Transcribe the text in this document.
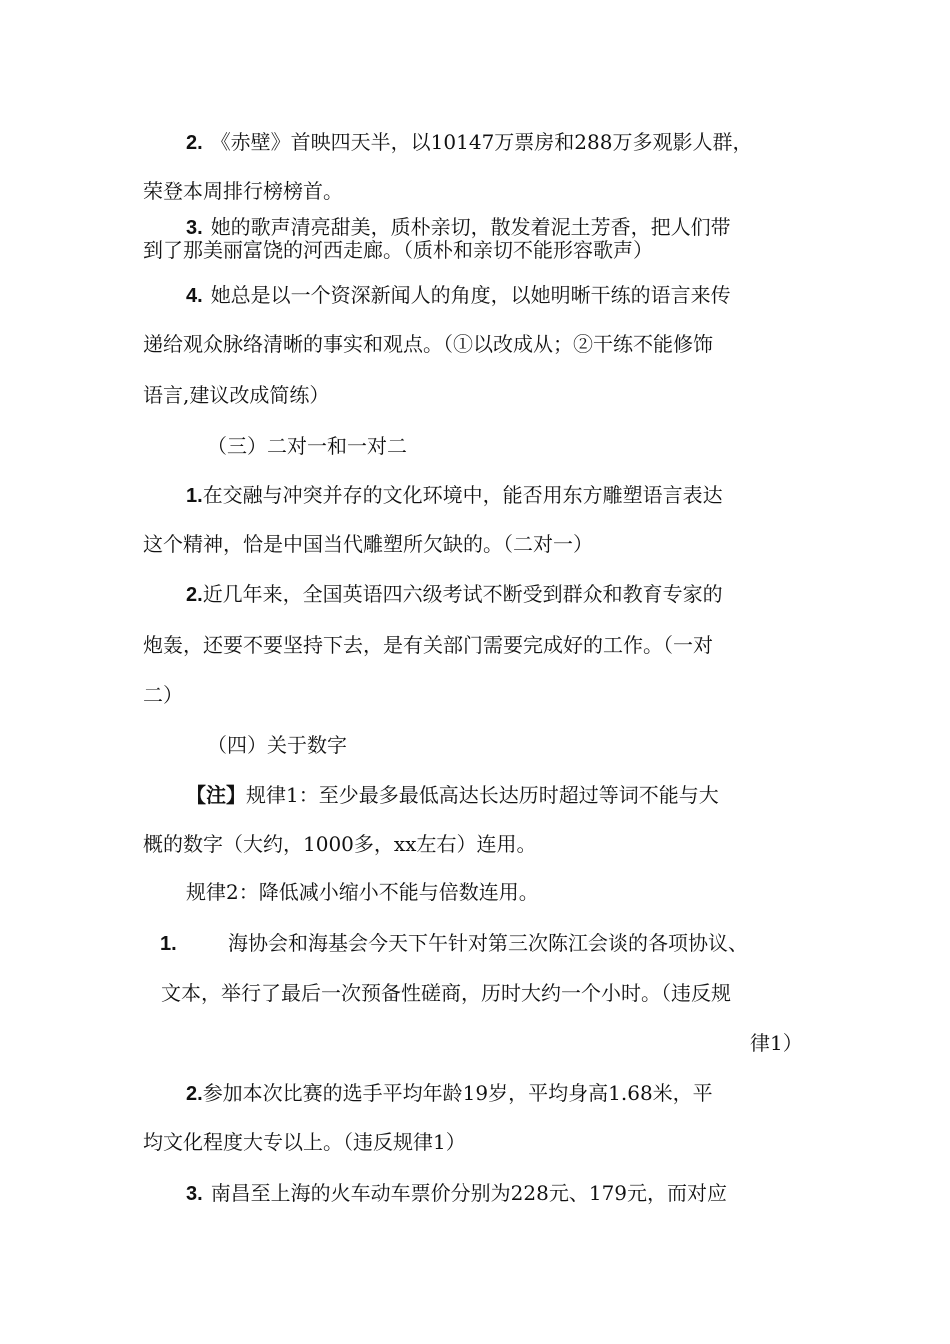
2. 《赤壁》首映四天半，以10147万票房和288万多观影人群，
荣登本周排行榜榜首。
3. 她的歌声清亮甜美，质朴亲切，散发着泥土芳香，把人们带
到了那美丽富饶的河西走廊。（质朴和亲切不能形容歌声）
4. 她总是以一个资深新闻人的角度，以她明晰干练的语言来传
递给观众脉络清晰的事实和观点。（①以改成从；②干练不能修饰
语言,建议改成简练）
（三）二对一和一对二
1.在交融与冲突并存的文化环境中，能否用东方雕塑语言表达
这个精神，恰是中国当代雕塑所欠缺的。（二对一）
2.近几年来，全国英语四六级考试不断受到群众和教育专家的
炮轰，还要不要坚持下去，是有关部门需要完成好的工作。（一对
二）
（四）关于数字
【注】规律1：至少最多最低高达长达历时超过等词不能与大
概的数字（大约，1000多，xx左右）连用。
规律2：降低减小缩小不能与倍数连用。
1.	海协会和海基会今天下午针对第三次陈江会谈的各项协议、
文本，举行了最后一次预备性磋商，历时大约一个小时。（违反规
律1）
2.参加本次比赛的选手平均年龄19岁，平均身高1.68米，平
均文化程度大专以上。（违反规律1）
3. 南昌至上海的火车动车票价分别为228元、179元，而对应
